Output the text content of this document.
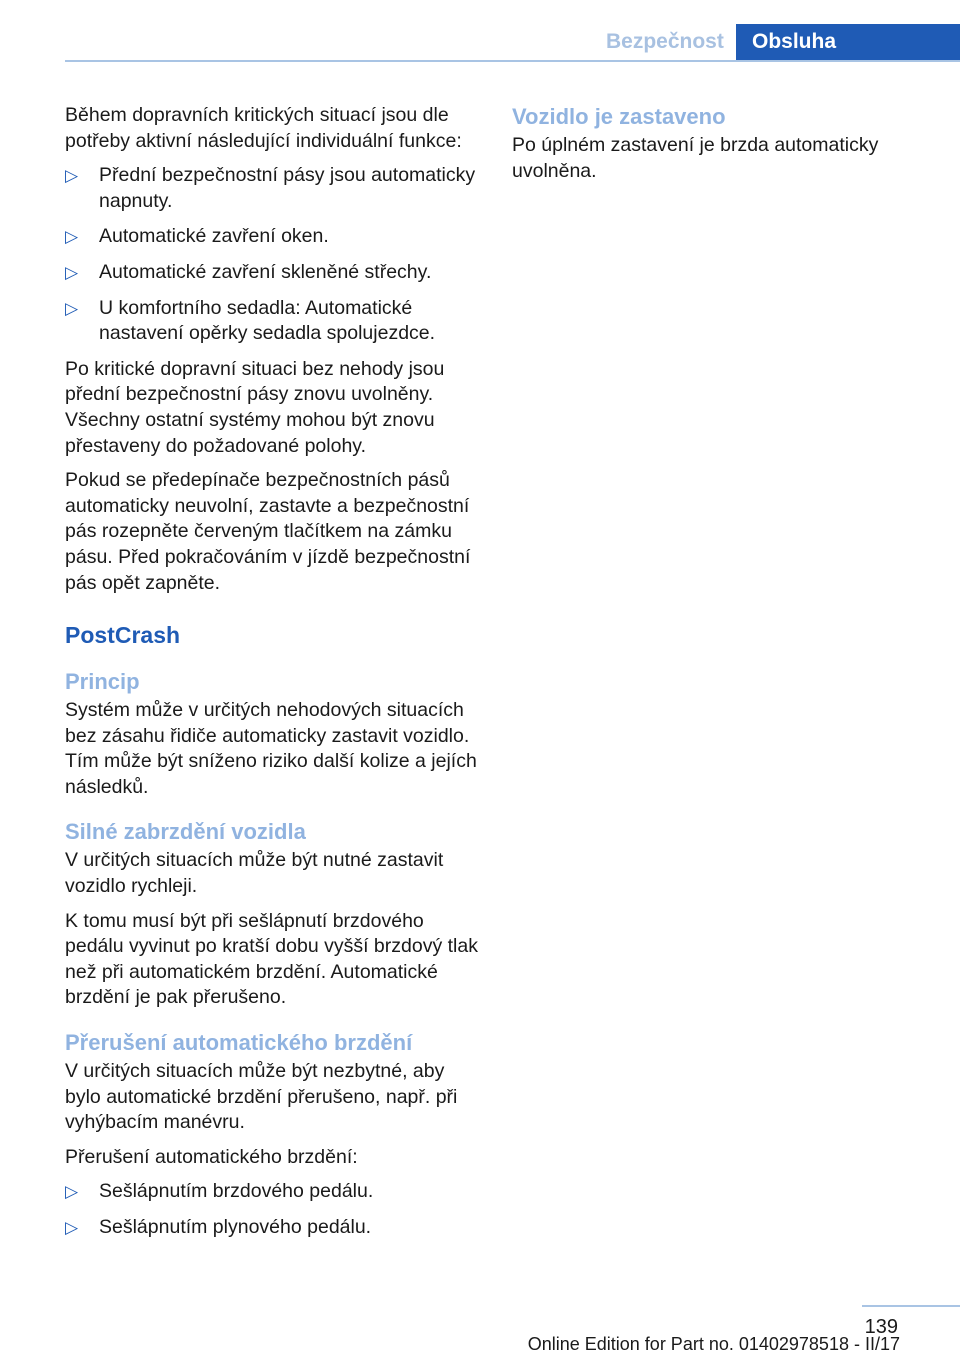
Bezpečnost	Obsluha

Během dopravních kritických situací jsou dle potřeby aktivní následující individuální funkce:

▷ Přední bezpečnostní pásy jsou automaticky napnuty.
▷ Automatické zavření oken.
▷ Automatické zavření skleněné střechy.
▷ U komfortního sedadla: Automatické nastavení opěrky sedadla spolujezdce.

Po kritické dopravní situaci bez nehody jsou přední bezpečnostní pásy znovu uvolněny. Všechny ostatní systémy mohou být znovu přestaveny do požadované polohy.

Pokud se předepínače bezpečnostních pásů automaticky neuvolní, zastavte a bezpečnostní pás rozepněte červeným tlačítkem na zámku pásu. Před pokračováním v jízdě bezpečnostní pás opět zapněte.

PostCrash
Princip

Systém může v určitých nehodových situacích bez zásahu řidiče automaticky zastavit vozidlo. Tím může být sníženo riziko další kolize a jejích následků.

Silné zabrzdění vozidla

V určitých situacích může být nutné zastavit vozidlo rychleji.

K tomu musí být při sešlápnutí brzdového pedálu vyvinut po kratší dobu vyšší brzdový tlak než při automatickém brzdění. Automatické brzdění je pak přerušeno.

Přerušení automatického brzdění

V určitých situacích může být nezbytné, aby bylo automatické brzdění přerušeno, např. při vyhýbacím manévru.

Přerušení automatického brzdění:

▷ Sešlápnutím brzdového pedálu.
▷ Sešlápnutím plynového pedálu.
Vozidlo je zastaveno

Po úplném zastavení je brzda automaticky uvolněna.

139
Online Edition for Part no. 01402978518 - II/17
